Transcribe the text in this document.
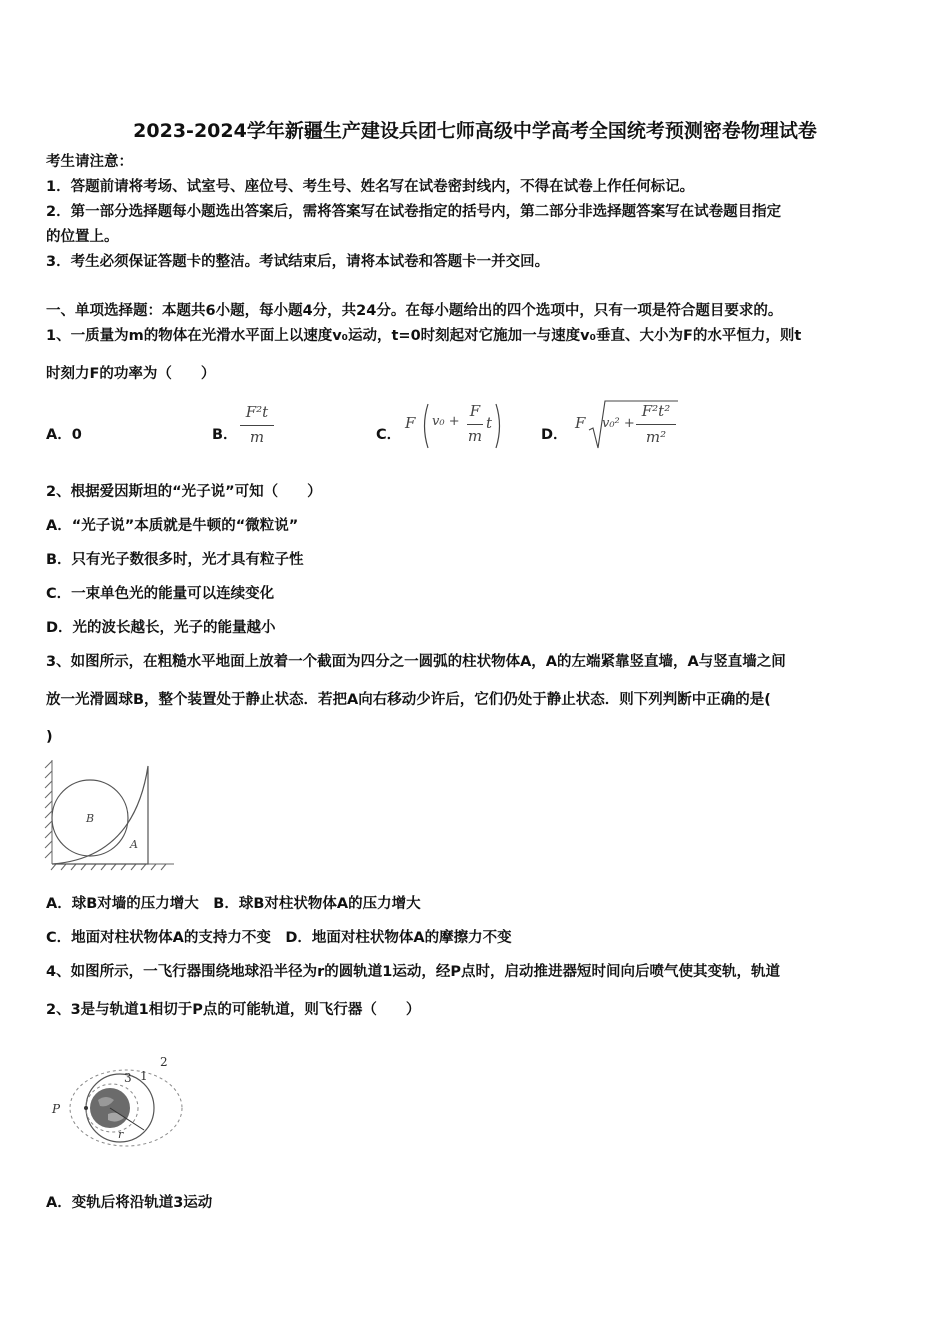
2023-2024学年新疆生产建设兵团七师高级中学高考全国统考预测密卷物理试卷
考生请注意：
1．答题前请将考场、试室号、座位号、考生号、姓名写在试卷密封线内，不得在试卷上作任何标记。
2．第一部分选择题每小题选出答案后，需将答案写在试卷指定的括号内，第二部分非选择题答案写在试卷题目指定
的位置上。
3．考生必须保证答题卡的整洁。考试结束后，请将本试卷和答题卡一并交回。
一、单项选择题：本题共6小题，每小题4分，共24分。在每小题给出的四个选项中，只有一项是符合题目要求的。
1、一质量为m的物体在光滑水平面上以速度v₀运动，t=0时刻起对它施加一与速度v₀垂直、大小为F的水平恒力，则t
时刻力F的功率为（　　）
A．0	B．
F²t
m	C．
F v₀ +
F
m
t
D．
F v₀² +
F²t²
m²
2、根据爱因斯坦的“光子说”可知（　　）
A．“光子说”本质就是牛顿的“微粒说”
B．只有光子数很多时，光才具有粒子性
C．一束单色光的能量可以连续变化
D．光的波长越长，光子的能量越小
3、如图所示，在粗糙水平地面上放着一个截面为四分之一圆弧的柱状物体A，A的左端紧靠竖直墙，A与竖直墙之间
放一光滑圆球B，整个装置处于静止状态．若把A向右移动少许后，它们仍处于静止状态．则下列判断中正确的是(
)
B
A
A．球B对墙的压力增大　B．球B对柱状物体A的压力增大
C．地面对柱状物体A的支持力不变　D．地面对柱状物体A的摩擦力不变
4、如图所示，一飞行器围绕地球沿半径为r的圆轨道1运动，经P点时，启动推进器短时间向后喷气使其变轨，轨道
2、3是与轨道1相切于P点的可能轨道，则飞行器（　　）
P
r
1
2
3
A．变轨后将沿轨道3运动
